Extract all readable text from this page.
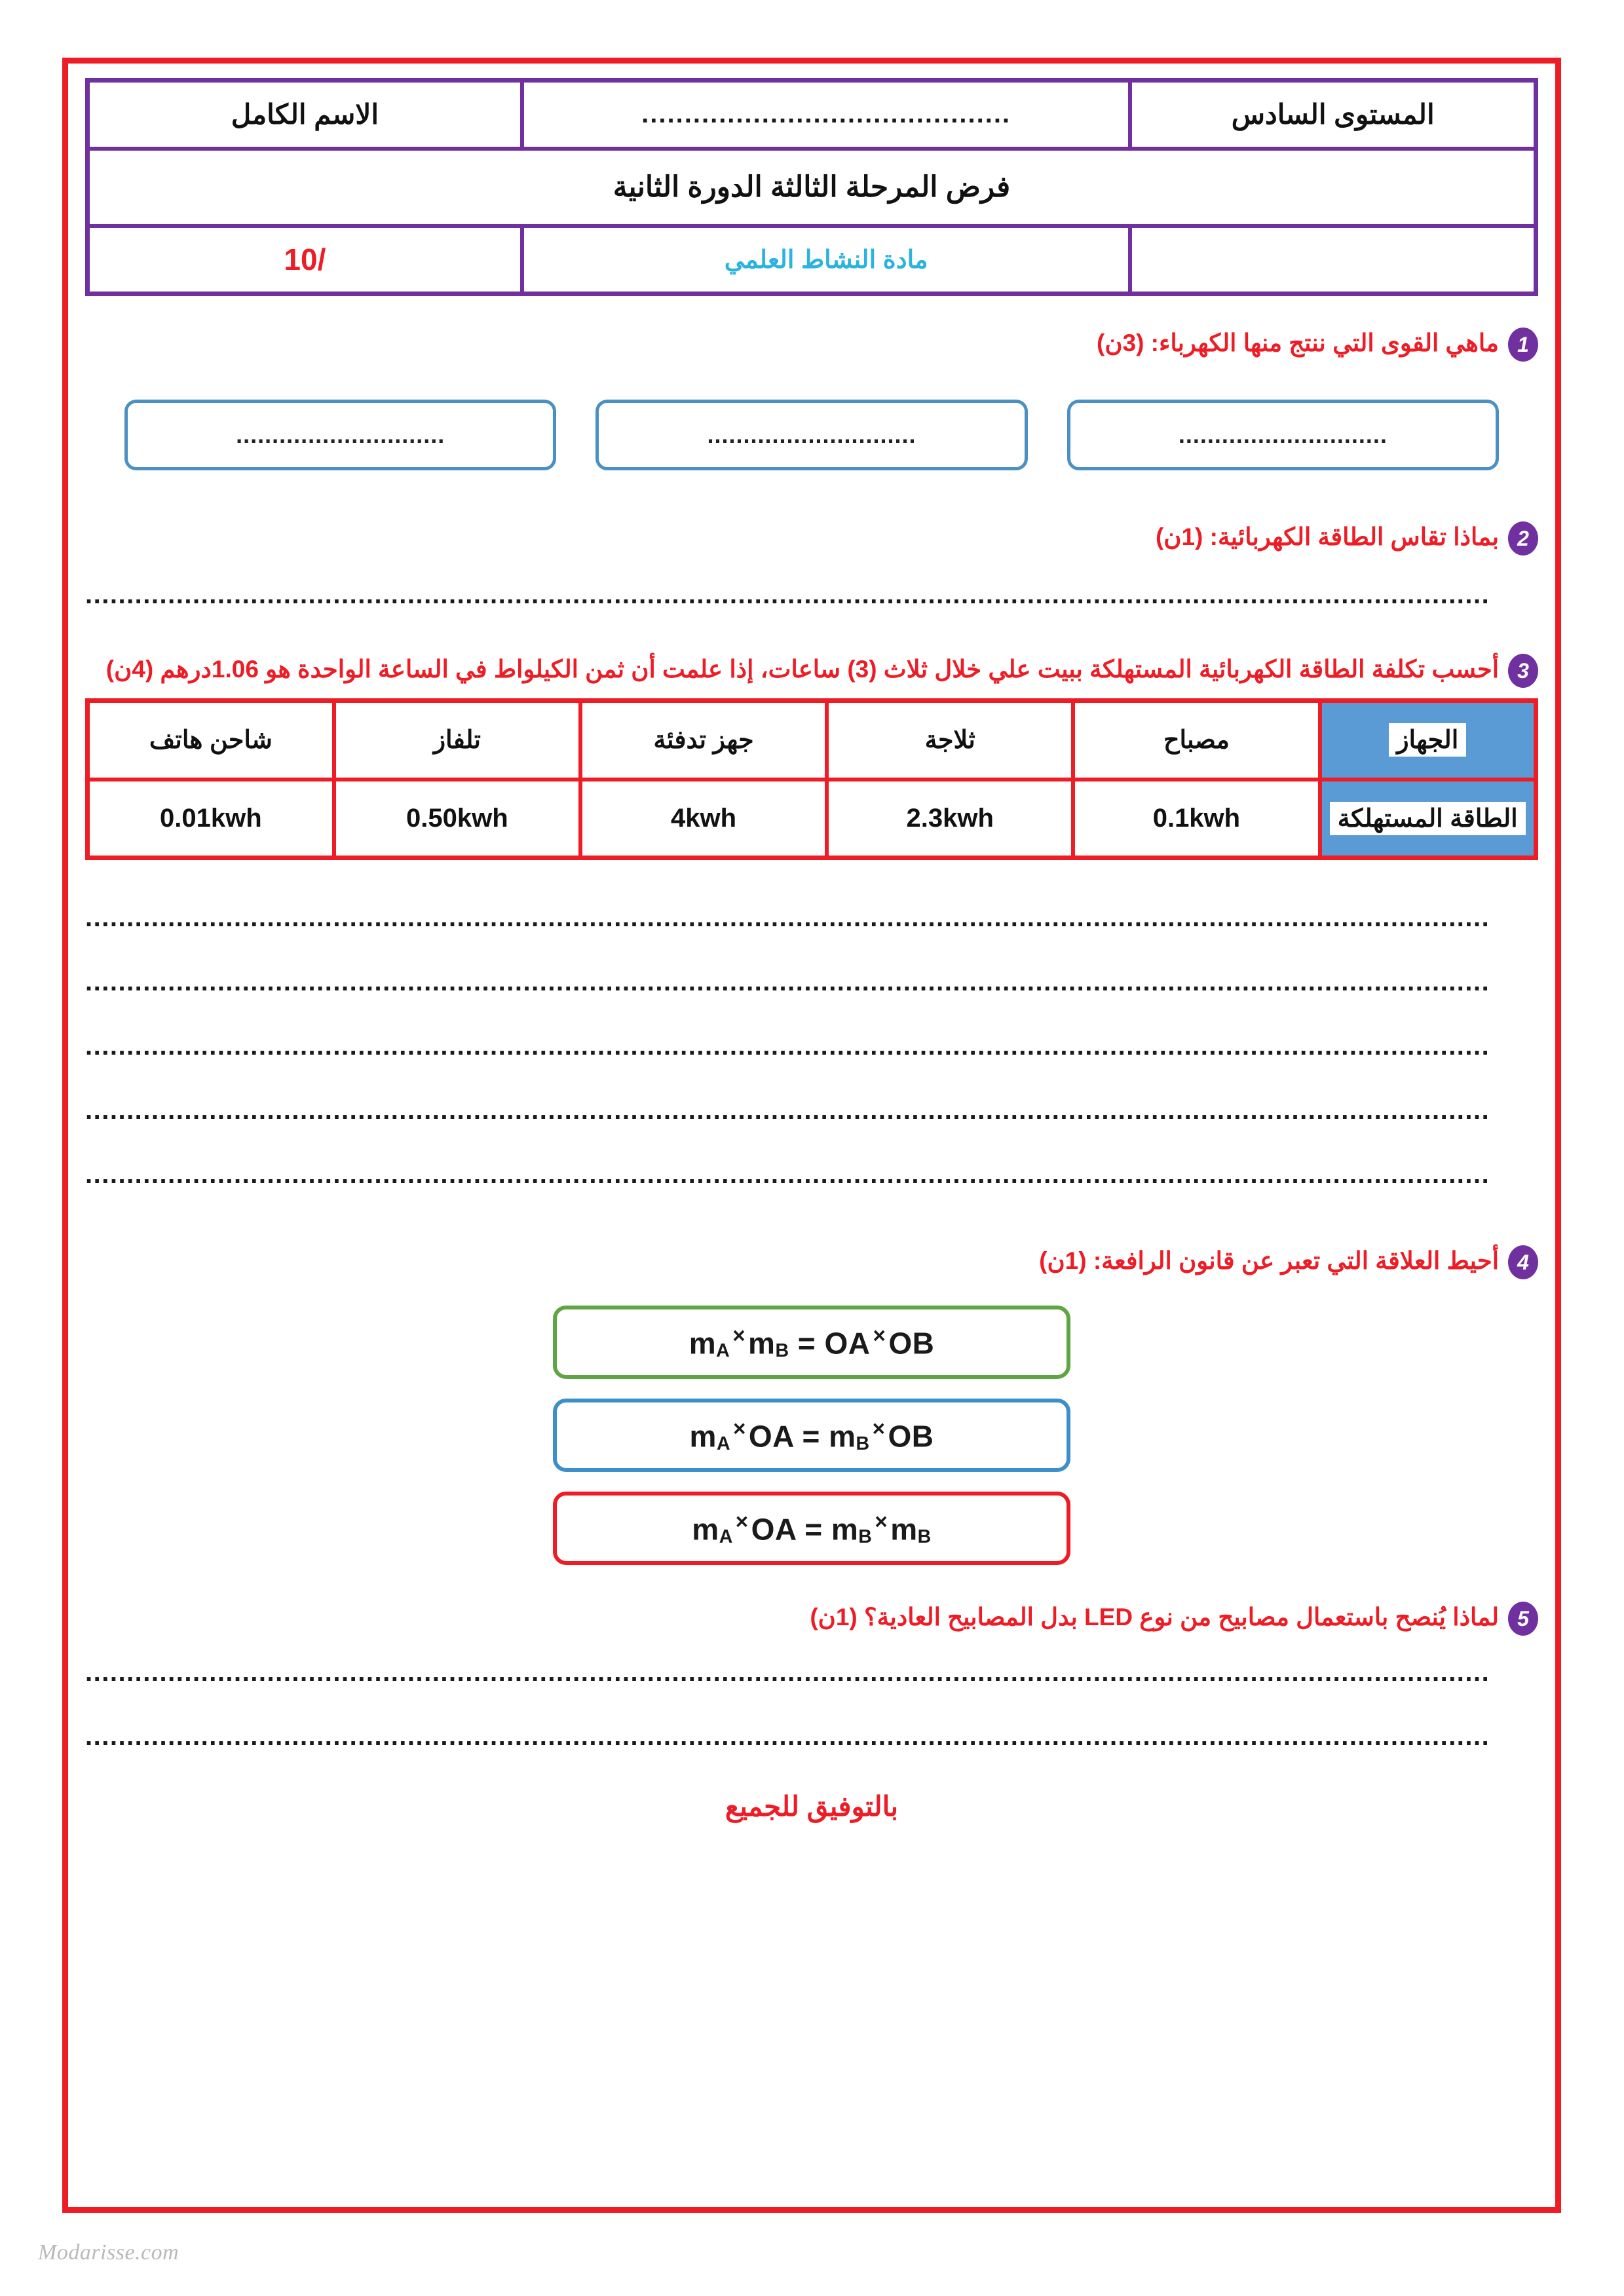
المستوى السادس	...........................................	الاسم الكامل
فرض المرحلة الثالثة الدورة الثانية		
	مادة النشاط العلمي	/10
1
ماهي القوى التي ننتج منها الكهرباء: (3ن)
.............................
.............................
.............................
2
بماذا تقاس الطاقة الكهربائية: (1ن)
..........................................................................................................................................................................
3
أحسب تكلفة الطاقة الكهربائية المستهلكة ببيت علي خلال ثلاث (3) ساعات، إذا علمت أن ثمن الكيلواط في الساعة الواحدة هو 1.06درهم (4ن)
الجهاز	مصباح	ثلاجة	جهز تدفئة	تلفاز	شاحن هاتف
الطاقة المستهلكة	0.1kwh	2.3kwh	4kwh	0.50kwh	0.01kwh
..........................................................................................................................................................................
..........................................................................................................................................................................
..........................................................................................................................................................................
..........................................................................................................................................................................
..........................................................................................................................................................................
4
أحيط العلاقة التي تعبر عن قانون الرافعة: (1ن)
$m_A^\times m_B$ = OA ×OB
$m_A^\times OA = m_B^\times OB$
$m_A^\times OA = m_B^\times m_B$
5
لماذا يُنصح باستعمال مصابيح من نوع LED بدل المصابيح العادية؟ (1ن)
..........................................................................................................................................................................
..........................................................................................................................................................................
بالتوفيق للجميع
Modarisse.com
